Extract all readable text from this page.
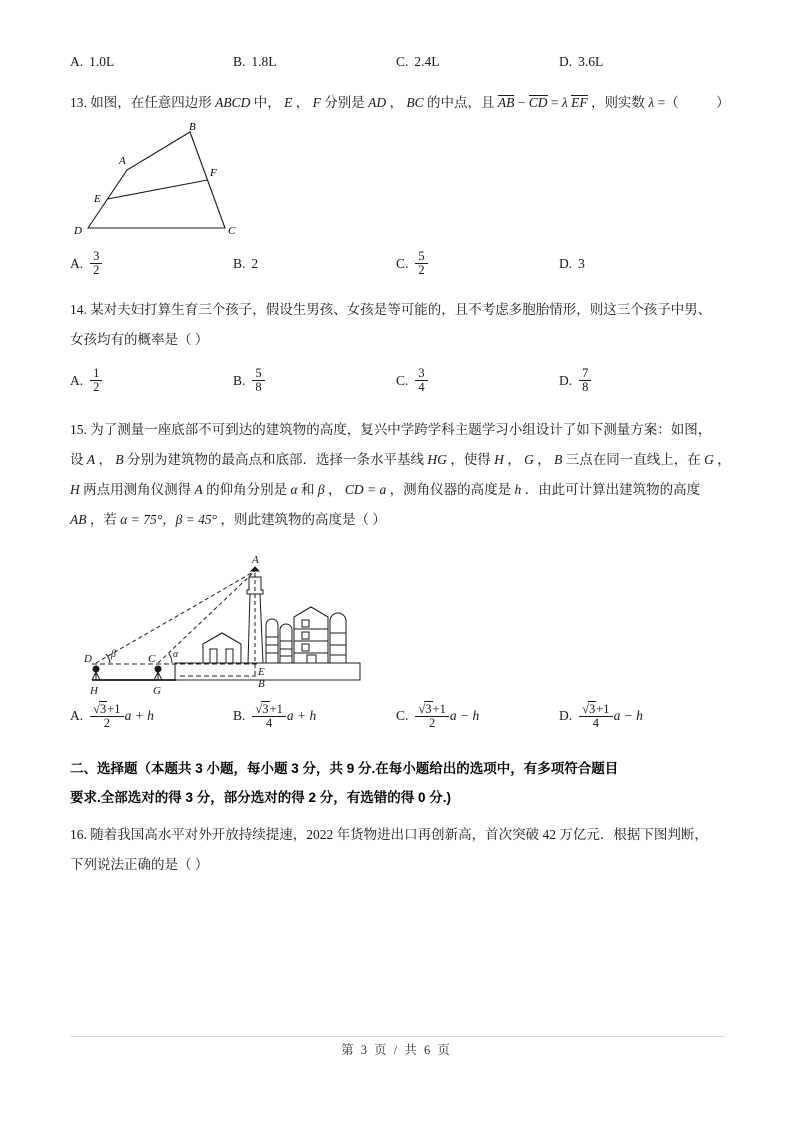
A. 1.0L	B. 1.8L	C. 2.4L	D. 3.6L
13. 如图，在任意四边形 ABCD 中， E ， F 分别是 AD ， BC 的中点，且 AB − CD = λ EF ，则实数 λ =（	）
A
B
C
D
E
F
A. $\frac{3}{2}$	B. 2	C. $\frac{5}{2}$	D. 3
14. 某对夫妇打算生育三个孩子，假设生男孩、女孩是等可能的，且不考虑多胞胎情形，则这三个孩子中男、
女孩均有的概率是（ ）
A. $\frac{1}{2}$	B. $\frac{5}{8}$	C. $\frac{3}{4}$	D. $\frac{7}{8}$
15. 为了测量一座底部不可到达的建筑物的高度，复兴中学跨学科主题学习小组设计了如下测量方案：如图，
设 A ， B 分别为建筑物的最高点和底部．选择一条水平基线 HG ，使得 H ， G ， B 三点在同一直线上，在 G ，
H 两点用测角仪测得 A 的仰角分别是 α 和 β ， CD = a ，测角仪器的高度是 h ．由此可计算出建筑物的高度
AB ，若 α = 75°，β = 45° ，则此建筑物的高度是（ ）
A
B
E
C
D
G
H
β	α
A. $\frac{√3+1}{2}$ a + h	B. $\frac{√3+1}{4}$ a + h	C. $\frac{√3+1}{2}$ a − h	D. $\frac{√3+1}{4}$ a − h
二、选择题（本题共 3 小题，每小题 3 分，共 9 分.在每小题给出的选项中，有多项符合题目
要求.全部选对的得 3 分，部分选对的得 2 分，有选错的得 0 分.)
16. 随着我国高水平对外开放持续提速，2022 年货物进出口再创新高，首次突破 42 万亿元．根据下图判断，
下列说法正确的是（ ）
第 3 页 / 共 6 页
